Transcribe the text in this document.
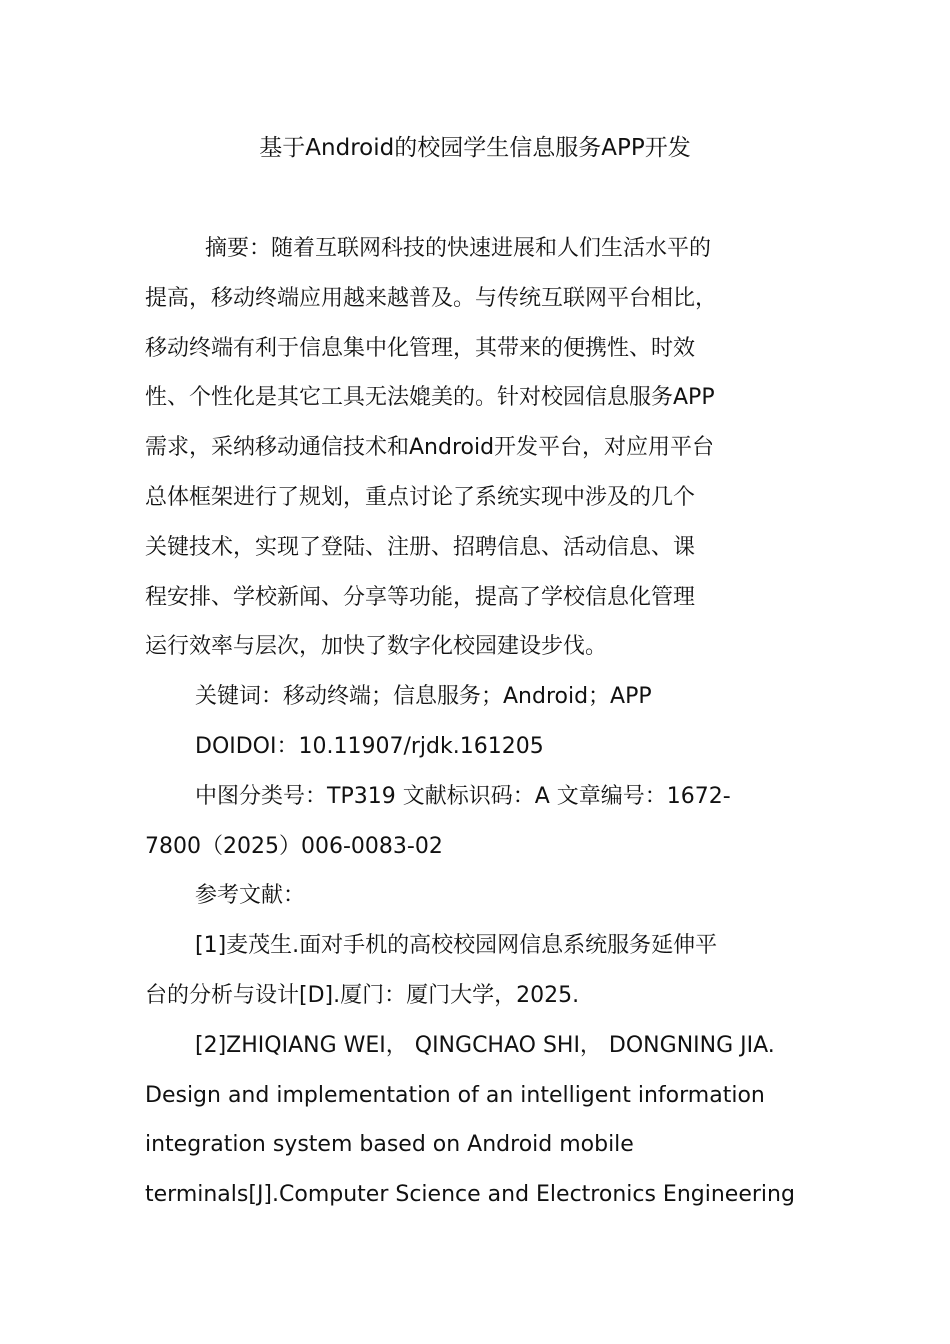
基于Android的校园学生信息服务APP开发

摘要：随着互联网科技的快速进展和人们生活水平的

提高，移动终端应用越来越普及。与传统互联网平台相比，

移动终端有利于信息集中化管理，其带来的便携性、时效

性、个性化是其它工具无法媲美的。针对校园信息服务APP

需求，采纳移动通信技术和Android开发平台，对应用平台

总体框架进行了规划，重点讨论了系统实现中涉及的几个

关键技术，实现了登陆、注册、招聘信息、活动信息、课

程安排、学校新闻、分享等功能，提高了学校信息化管理

运行效率与层次，加快了数字化校园建设步伐。

关键词：移动终端；信息服务；Android；APP

DOIDOI：10.11907/rjdk.161205

中图分类号：TP319 文献标识码：A 文章编号：1672-

7800（2025）006-0083-02

参考文献：

[1]麦茂生.面对手机的高校校园网信息系统服务延伸平

台的分析与设计[D].厦门：厦门大学，2025.

[2]ZHIQIANG WEI， QINGCHAO SHI， DONGNING JIA.

Design and implementation of an intelligent information

integration system based on Android mobile

terminals[J].Computer Science and Electronics Engineering
